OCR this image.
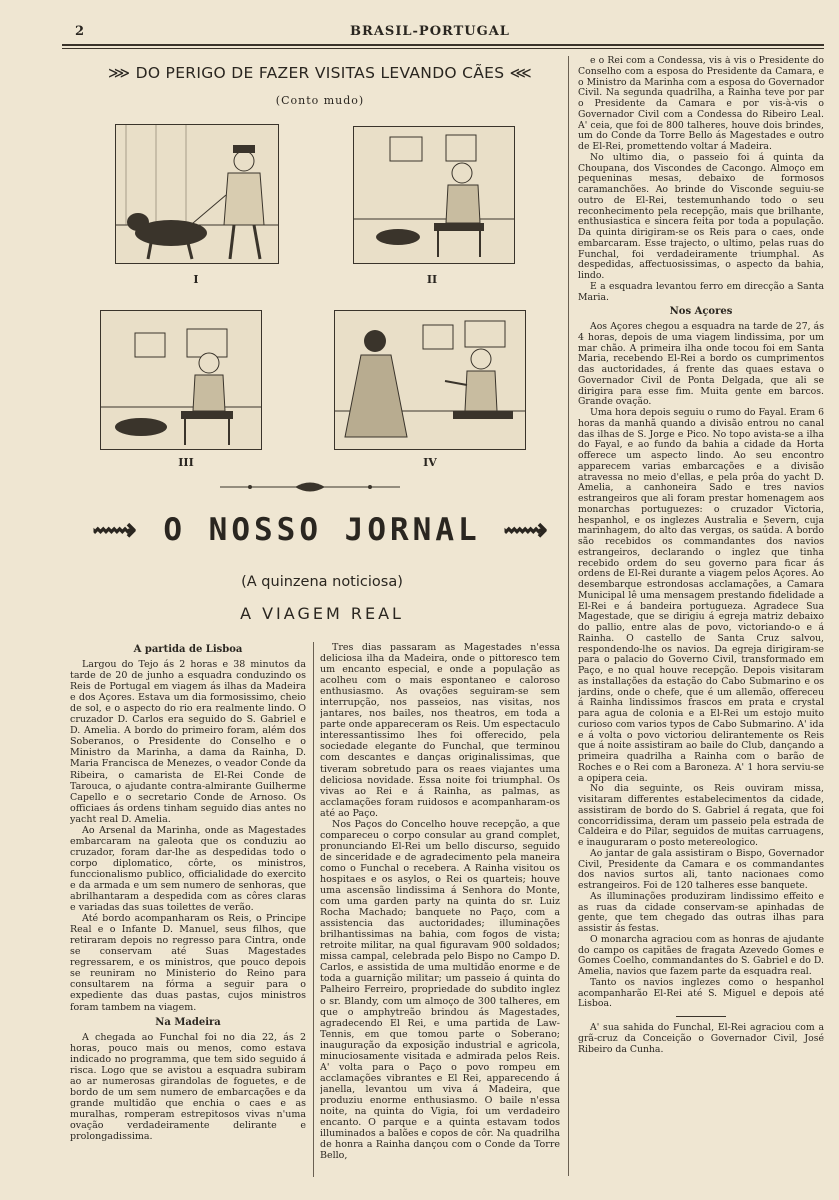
2	BRASIL-PORTUGAL
⋙ DO PERIGO DE FAZER VISITAS LEVANDO CÃES ⋘
(Conto mudo)
I	II
III	IV
⟿ O NOSSO JORNAL ⟿
(A quinzena noticiosa)
A VIAGEM REAL
A partida de Lisboa

Largou do Tejo ás 2 horas e 38 minutos da tarde de 20 de junho a esquadra conduzindo os Reis de Portugal em viagem ás ilhas da Madeira e dos Açores. Estava um dia formosissimo, cheio de sol, e o aspecto do rio era realmente lindo. O cruzador D. Carlos era seguido do S. Gabriel e D. Amelia. A bordo do primeiro foram, além dos Soberanos, o Presidente do Conselho e o Ministro da Marinha, a dama da Rainha, D. Maria Francisca de Menezes, o veador Conde da Ribeira, o camarista de El-Rei Conde de Tarouca, o ajudante contra-almirante Guilherme Capello e o secretario Conde de Arnoso. Os officiaes ás ordens tinham seguido dias antes no yacht real D. Amelia.

Ao Arsenal da Marinha, onde as Magestades embarcaram na galeota que os conduziu ao cruzador, foram dar-lhe as despedidas todo o corpo diplomatico, côrte, os ministros, funccionalismo publico, officialidade do exercito e da armada e um sem numero de senhoras, que abrilhantaram a despedida com as côres claras e variadas das suas toilettes de verão.

Até bordo acompanharam os Reis, o Principe Real e o Infante D. Manuel, seus filhos, que retiraram depois no regresso para Cintra, onde se conservam até Suas Magestades regressarem, e os ministros, que pouco depois se reuniram no Ministerio do Reino para consultarem na fórma a seguir para o expediente das duas pastas, cujos ministros foram tambem na viagem.

Na Madeira

A chegada ao Funchal foi no dia 22, ás 2 horas, pouco mais ou menos, como estava indicado no programma, que tem sido seguido á risca. Logo que se avistou a esquadra subiram ao ar numerosas girandolas de foguetes, e de bordo de um sem numero de embarcações e da grande multidão que enchia o caes e as muralhas, romperam estrepitosos vivas n'uma ovação verdadeiramente delirante e prolongadissima.

Tres dias passaram as Magestades n'essa deliciosa ilha da Madeira, onde o pittoresco tem um encanto especial, e onde a população as acolheu com o mais espontaneo e caloroso enthusiasmo. As ovações seguiram-se sem interrupção, nos passeios, nas visitas, nos jantares, nos bailes, nos theatros, em toda a parte onde appareceram os Reis. Um espectaculo interessantissimo lhes foi offerecido, pela sociedade elegante do Funchal, que terminou com descantes e danças originalissimas, que tiveram sobretudo para os reaes viajantes uma deliciosa novidade. Essa noite foi triumphal. Os vivas ao Rei e á Rainha, as palmas, as acclamações foram ruidosos e acompanharam-os até ao Paço.

Nos Paços do Concelho houve recepção, a que compareceu o corpo consular au grand complet, pronunciando El-Rei um bello discurso, seguido de sinceridade e de agradecimento pela maneira como o Funchal o recebera. A Rainha visitou os hospitaes e os asylos, o Rei os quarteis; houve uma ascensão lindissima á Senhora do Monte, com uma garden party na quinta do sr. Luiz Rocha Machado; banquete no Paço, com a assistencia das auctoridades; illuminações brilhantissimas na bahia, com fogos de vista; retroite militar, na qual figuravam 900 soldados; missa campal, celebrada pelo Bispo no Campo D. Carlos, e assistida de uma multidão enorme e de toda a guarnição militar; um passeio á quinta do Palheiro Ferreiro, propriedade do subdito inglez o sr. Blandy, com um almoço de 300 talheres, em que o amphytreão brindou ás Magestades, agradecendo El Rei, e uma partida de Law-Tennis, em que tomou parte o Soberano; inauguração da exposição industrial e agricola, minuciosamente visitada e admirada pelos Reis. A' volta para o Paço o povo rompeu em acclamações vibrantes e El Rei, apparecendo á janella, levantou um viva á Madeira, que produziu enorme enthusiasmo. O baile n'essa noite, na quinta do Vigia, foi um verdadeiro encanto. O parque e a quinta estavam todos illuminados a balões e copos de côr. Na quadrilha de honra a Rainha dançou com o Conde da Torre Bello,

e o Rei com a Condessa, vis à vis o Presidente do Conselho com a esposa do Presidente da Camara, e o Ministro da Marinha com a esposa do Governador Civil. Na segunda quadrilha, a Rainha teve por par o Presidente da Camara e por vis-à-vis o Governador Civil com a Condessa do Ribeiro Leal. A' ceia, que foi de 800 talheres, houve dois brindes, um do Conde da Torre Bello ás Magestades e outro de El-Rei, promettendo voltar á Madeira.

No ultimo dia, o passeio foi á quinta da Choupana, dos Viscondes de Cacongo. Almoço em pequeninas mesas, debaixo de formosos caramanchões. Ao brinde do Visconde seguiu-se outro de El-Rei, testemunhando todo o seu reconhecimento pela recepção, mais que brilhante, enthusiastica e sincera feita por toda a população. Da quinta dirigiram-se os Reis para o caes, onde embarcaram. Esse trajecto, o ultimo, pelas ruas do Funchal, foi verdadeiramente triumphal. As despedidas, affectuosissimas, o aspecto da bahia, lindo.

E a esquadra levantou ferro em direcção a Santa Maria.

Nos Açores

Aos Açores chegou a esquadra na tarde de 27, ás 4 horas, depois de uma viagem lindissima, por um mar chão. A primeira ilha onde tocou foi em Santa Maria, recebendo El-Rei a bordo os cumprimentos das auctoridades, á frente das quaes estava o Governador Civil de Ponta Delgada, que ali se dirigira para esse fim. Muita gente em barcos. Grande ovação.

Uma hora depois seguiu o rumo do Fayal. Eram 6 horas da manhã quando a divisão entrou no canal das ilhas de S. Jorge e Pico. No topo avista-se a ilha do Fayal, e ao fundo da bahia a cidade da Horta offerece um aspecto lindo. Ao seu encontro apparecem varias embarcações e a divisão atravessa no meio d'ellas, e pela prôa do yacht D. Amelia, a canhoneira Sado e tres navios estrangeiros que ali foram prestar homenagem aos monarchas portuguezes: o cruzador Victoria, hespanhol, e os inglezes Australia e Severn, cuja marinhagem, do alto das vergas, os saúda. A bordo são recebidos os commandantes dos navios estrangeiros, declarando o inglez que tinha recebido ordem do seu governo para ficar ás ordens de El-Rei durante a viagem pelos Açores. Ao desembarque estrondosas acclamações, a Camara Municipal lê uma mensagem prestando fidelidade a El-Rei e á bandeira portugueza. Agradece Sua Magestade, que se dirigiu á egreja matriz debaixo do pallio, entre alas de povo, victoriando-o e á Rainha. O castello de Santa Cruz salvou, respondendo-lhe os navios. Da egreja dirigiram-se para o palacio do Governo Civil, transformado em Paço, e no qual houve recepção. Depois visitaram as installações da estação do Cabo Submarino e os jardins, onde o chefe, que é um allemão, offereceu á Rainha lindissimos frascos em prata e crystal para agua de colonia e a El-Rei um estojo muito curioso com varios typos de Cabo Submarino. A' ida e á volta o povo victoriou delirantemente os Reis que á noite assistiram ao baile do Club, dançando a primeira quadrilha a Rainha com o barão de Roches e o Rei com a Baroneza. A' 1 hora serviu-se a opipera ceia.

No dia seguinte, os Reis ouviram missa, visitaram differentes estabelecimentos da cidade, assistiram de bordo do S. Gabriel á regata, que foi concorridissima, deram um passeio pela estrada de Caldeira e do Pilar, seguidos de muitas carruagens, e inauguraram o posto metereologico.

Ao jantar de gala assistiram o Bispo, Governador Civil, Presidente da Camara e os commandantes dos navios surtos ali, tanto nacionaes como estrangeiros. Foi de 120 talheres esse banquete.

As illuminações produziram lindissimo effeito e as ruas da cidade conservam-se apinhadas de gente, que tem chegado das outras ilhas para assistir ás festas.

O monarcha agraciou com as honras de ajudante do campo os capitães de fragata Azevedo Gomes e Gomes Coelho, commandantes do S. Gabriel e do D. Amelia, navios que fazem parte da esquadra real.

Tanto os navios inglezes como o hespanhol acompanharão El-Rei até S. Miguel e depois até Lisboa.

A' sua sahida do Funchal, El-Rei agraciou com a grã-cruz da Conceição o Governador Civil, José Ribeiro da Cunha.
